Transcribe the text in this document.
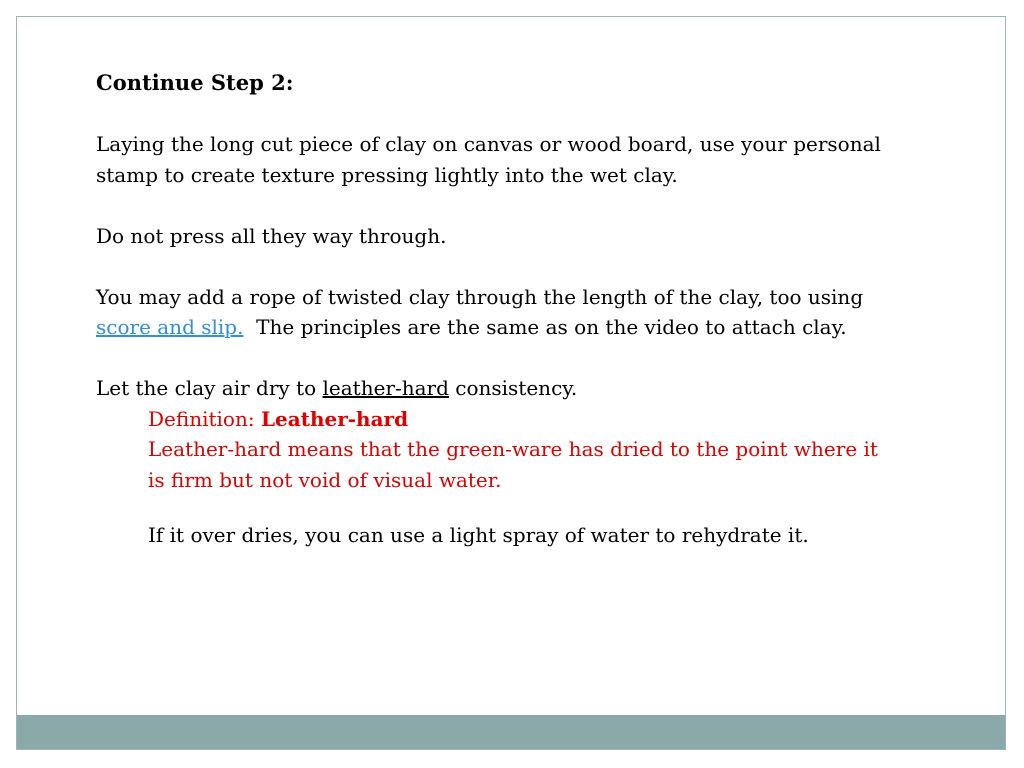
Continue Step 2:

Laying the long cut piece of clay on canvas or wood board, use your personal stamp to create texture pressing lightly into the wet clay.

Do not press all they way through.

You may add a rope of twisted clay through the length of the clay, too using score and slip.  The principles are the same as on the video to attach clay.

Let the clay air dry to leather-hard consistency.

Definition: Leather-hard

Leather-hard means that the green-ware has dried to the point where it is firm but not void of visual water.

If it over dries, you can use a light spray of water to rehydrate it.
